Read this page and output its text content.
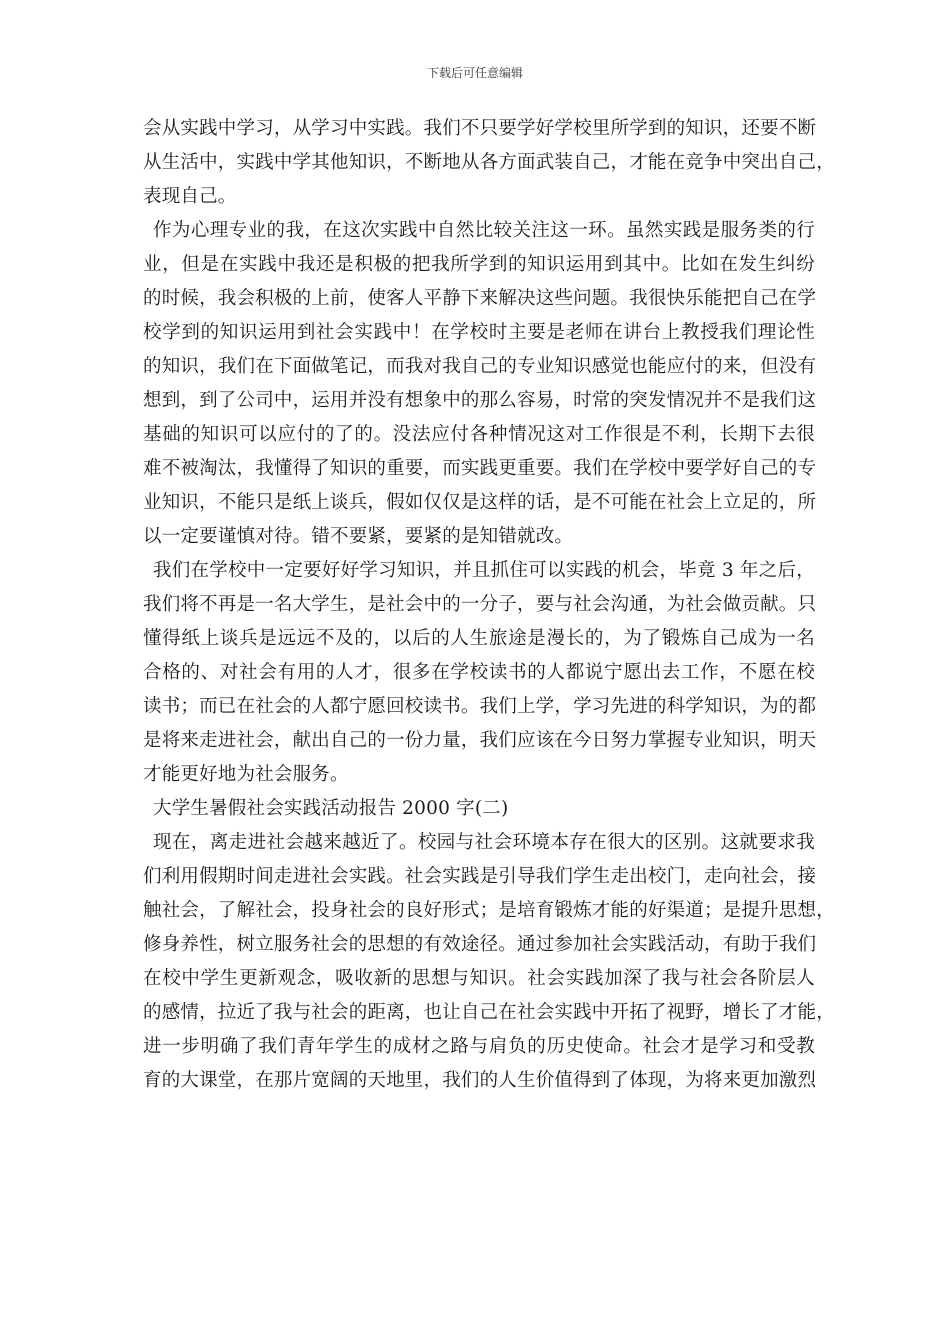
下载后可任意编辑
会从实践中学习，从学习中实践。我们不只要学好学校里所学到的知识，还要不断
从生活中，实践中学其他知识，不断地从各方面武装自己，才能在竞争中突出自己，
表现自己。
作为心理专业的我，在这次实践中自然比较关注这一环。虽然实践是服务类的行
业，但是在实践中我还是积极的把我所学到的知识运用到其中。比如在发生纠纷
的时候，我会积极的上前，使客人平静下来解决这些问题。我很快乐能把自己在学
校学到的知识运用到社会实践中！在学校时主要是老师在讲台上教授我们理论性
的知识，我们在下面做笔记，而我对我自己的专业知识感觉也能应付的来，但没有
想到，到了公司中，运用并没有想象中的那么容易，时常的突发情况并不是我们这
基础的知识可以应付的了的。没法应付各种情况这对工作很是不利，长期下去很
难不被淘汰，我懂得了知识的重要，而实践更重要。我们在学校中要学好自己的专
业知识，不能只是纸上谈兵，假如仅仅是这样的话，是不可能在社会上立足的，所
以一定要谨慎对待。错不要紧，要紧的是知错就改。
我们在学校中一定要好好学习知识，并且抓住可以实践的机会，毕竟 3 年之后，
我们将不再是一名大学生，是社会中的一分子，要与社会沟通，为社会做贡献。只
懂得纸上谈兵是远远不及的，以后的人生旅途是漫长的，为了锻炼自己成为一名
合格的、对社会有用的人才，很多在学校读书的人都说宁愿出去工作，不愿在校
读书；而已在社会的人都宁愿回校读书。我们上学，学习先进的科学知识，为的都
是将来走进社会，献出自己的一份力量，我们应该在今日努力掌握专业知识，明天
才能更好地为社会服务。
大学生暑假社会实践活动报告 2000 字(二)
现在，离走进社会越来越近了。校园与社会环境本存在很大的区别。这就要求我
们利用假期时间走进社会实践。社会实践是引导我们学生走出校门，走向社会，接
触社会，了解社会，投身社会的良好形式；是培育锻炼才能的好渠道；是提升思想，
修身养性，树立服务社会的思想的有效途径。通过参加社会实践活动，有助于我们
在校中学生更新观念，吸收新的思想与知识。社会实践加深了我与社会各阶层人
的感情，拉近了我与社会的距离，也让自己在社会实践中开拓了视野，增长了才能，
进一步明确了我们青年学生的成材之路与肩负的历史使命。社会才是学习和受教
育的大课堂，在那片宽阔的天地里，我们的人生价值得到了体现，为将来更加激烈
